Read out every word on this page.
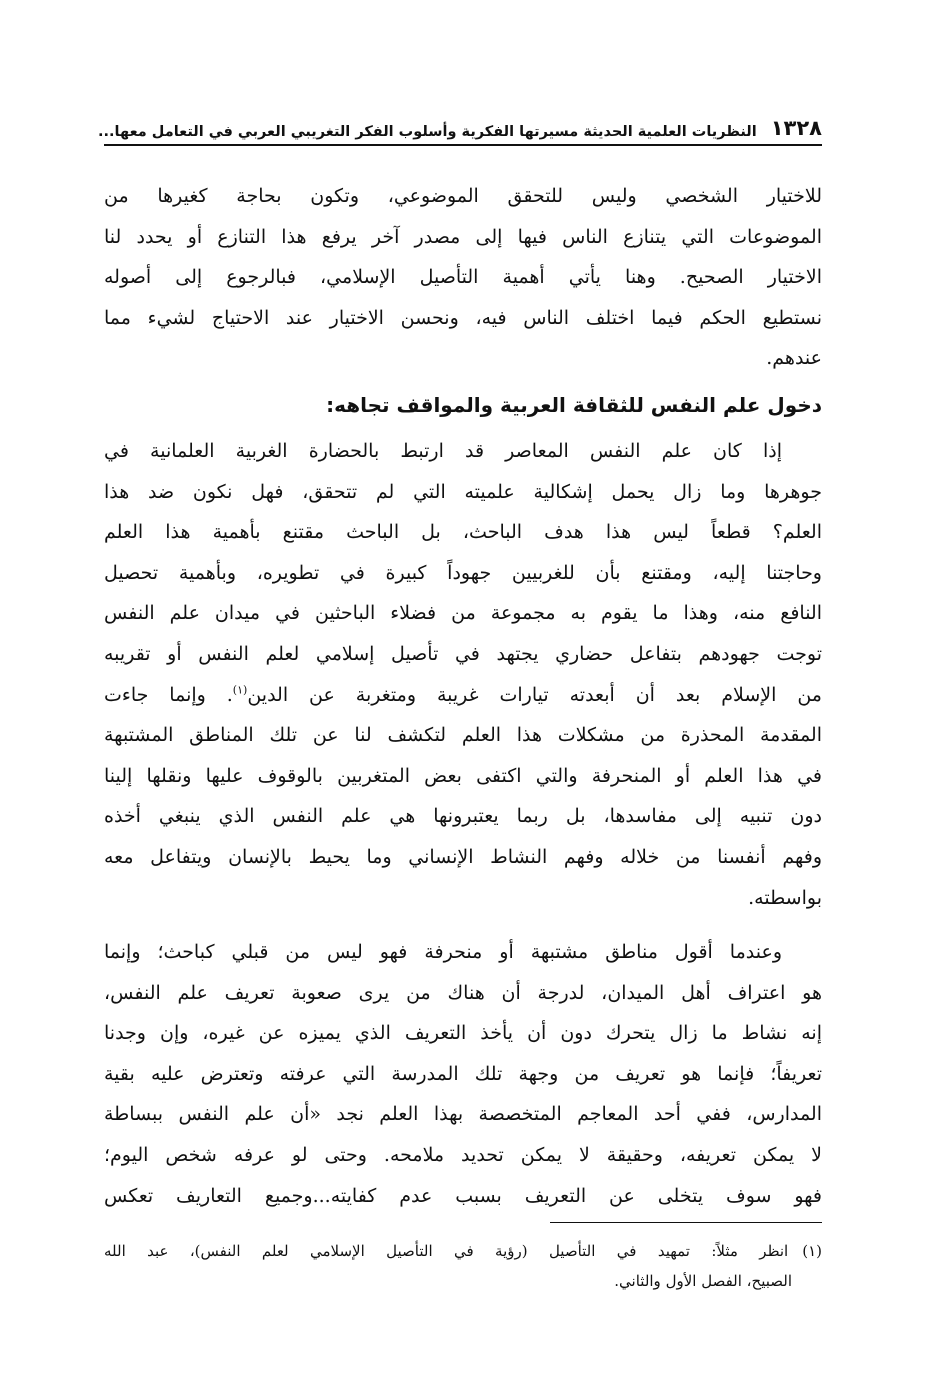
١٣٢٨
النظريات العلمية الحديثة مسيرتها الفكرية وأسلوب الفكر التغريبي العربي في التعامل معها...
للاختيار الشخصي وليس للتحقق الموضوعي، وتكون بحاجة كغيرها من
الموضوعات التي يتنازع الناس فيها إلى مصدر آخر يرفع هذا التنازع أو يحدد لنا
الاختيار الصحيح. وهنا يأتي أهمية التأصيل الإسلامي، فبالرجوع إلى أصوله
نستطيع الحكم فيما اختلف الناس فيه، ونحسن الاختيار عند الاحتياج لشيء مما
عندهم.
دخول علم النفس للثقافة العربية والمواقف تجاهه:
إذا كان علم النفس المعاصر قد ارتبط بالحضارة الغربية العلمانية في
جوهرها وما زال يحمل إشكالية علميته التي لم تتحقق، فهل نكون ضد هذا
العلم؟ قطعاً ليس هذا هدف الباحث، بل الباحث مقتنع بأهمية هذا العلم
وحاجتنا إليه، ومقتنع بأن للغربيين جهوداً كبيرة في تطويره، وبأهمية تحصيل
النافع منه، وهذا ما يقوم به مجموعة من فضلاء الباحثين في ميدان علم النفس
توجت جهودهم بتفاعل حضاري يجتهد في تأصيل إسلامي لعلم النفس أو تقريبه
من الإسلام بعد أن أبعدته تيارات غريبة ومتغربة عن الدين$^{(١)}$. وإنما جاءت
المقدمة المحذرة من مشكلات هذا العلم لتكشف لنا عن تلك المناطق المشتبهة
في هذا العلم أو المنحرفة والتي اكتفى بعض المتغربين بالوقوف عليها ونقلها إلينا
دون تنبيه إلى مفاسدها، بل ربما يعتبرونها هي علم النفس الذي ينبغي أخذه
وفهم أنفسنا من خلاله وفهم النشاط الإنساني وما يحيط بالإنسان ويتفاعل معه
بواسطته.
وعندما أقول مناطق مشتبهة أو منحرفة فهو ليس من قبلي كباحث؛ وإنما
هو اعتراف أهل الميدان، لدرجة أن هناك من يرى صعوبة تعريف علم النفس،
إنه نشاط ما زال يتحرك دون أن يأخذ التعريف الذي يميزه عن غيره، وإن وجدنا
تعريفاً؛ فإنما هو تعريف من وجهة تلك المدرسة التي عرفته وتعترض عليه بقية
المدارس، ففي أحد المعاجم المتخصصة بهذا العلم نجد «أن علم النفس ببساطة
لا يمكن تعريفه، وحقيقة لا يمكن تحديد ملامحه. وحتى لو عرفه شخص اليوم؛
فهو سوف يتخلى عن التعريف بسبب عدم كفايته...وجميع التعاريف تعكس
(١)انظر مثلاً: تمهيد في التأصيل (رؤية في التأصيل الإسلامي لعلم النفس)، عبد الله
الصبيح، الفصل الأول والثاني.
